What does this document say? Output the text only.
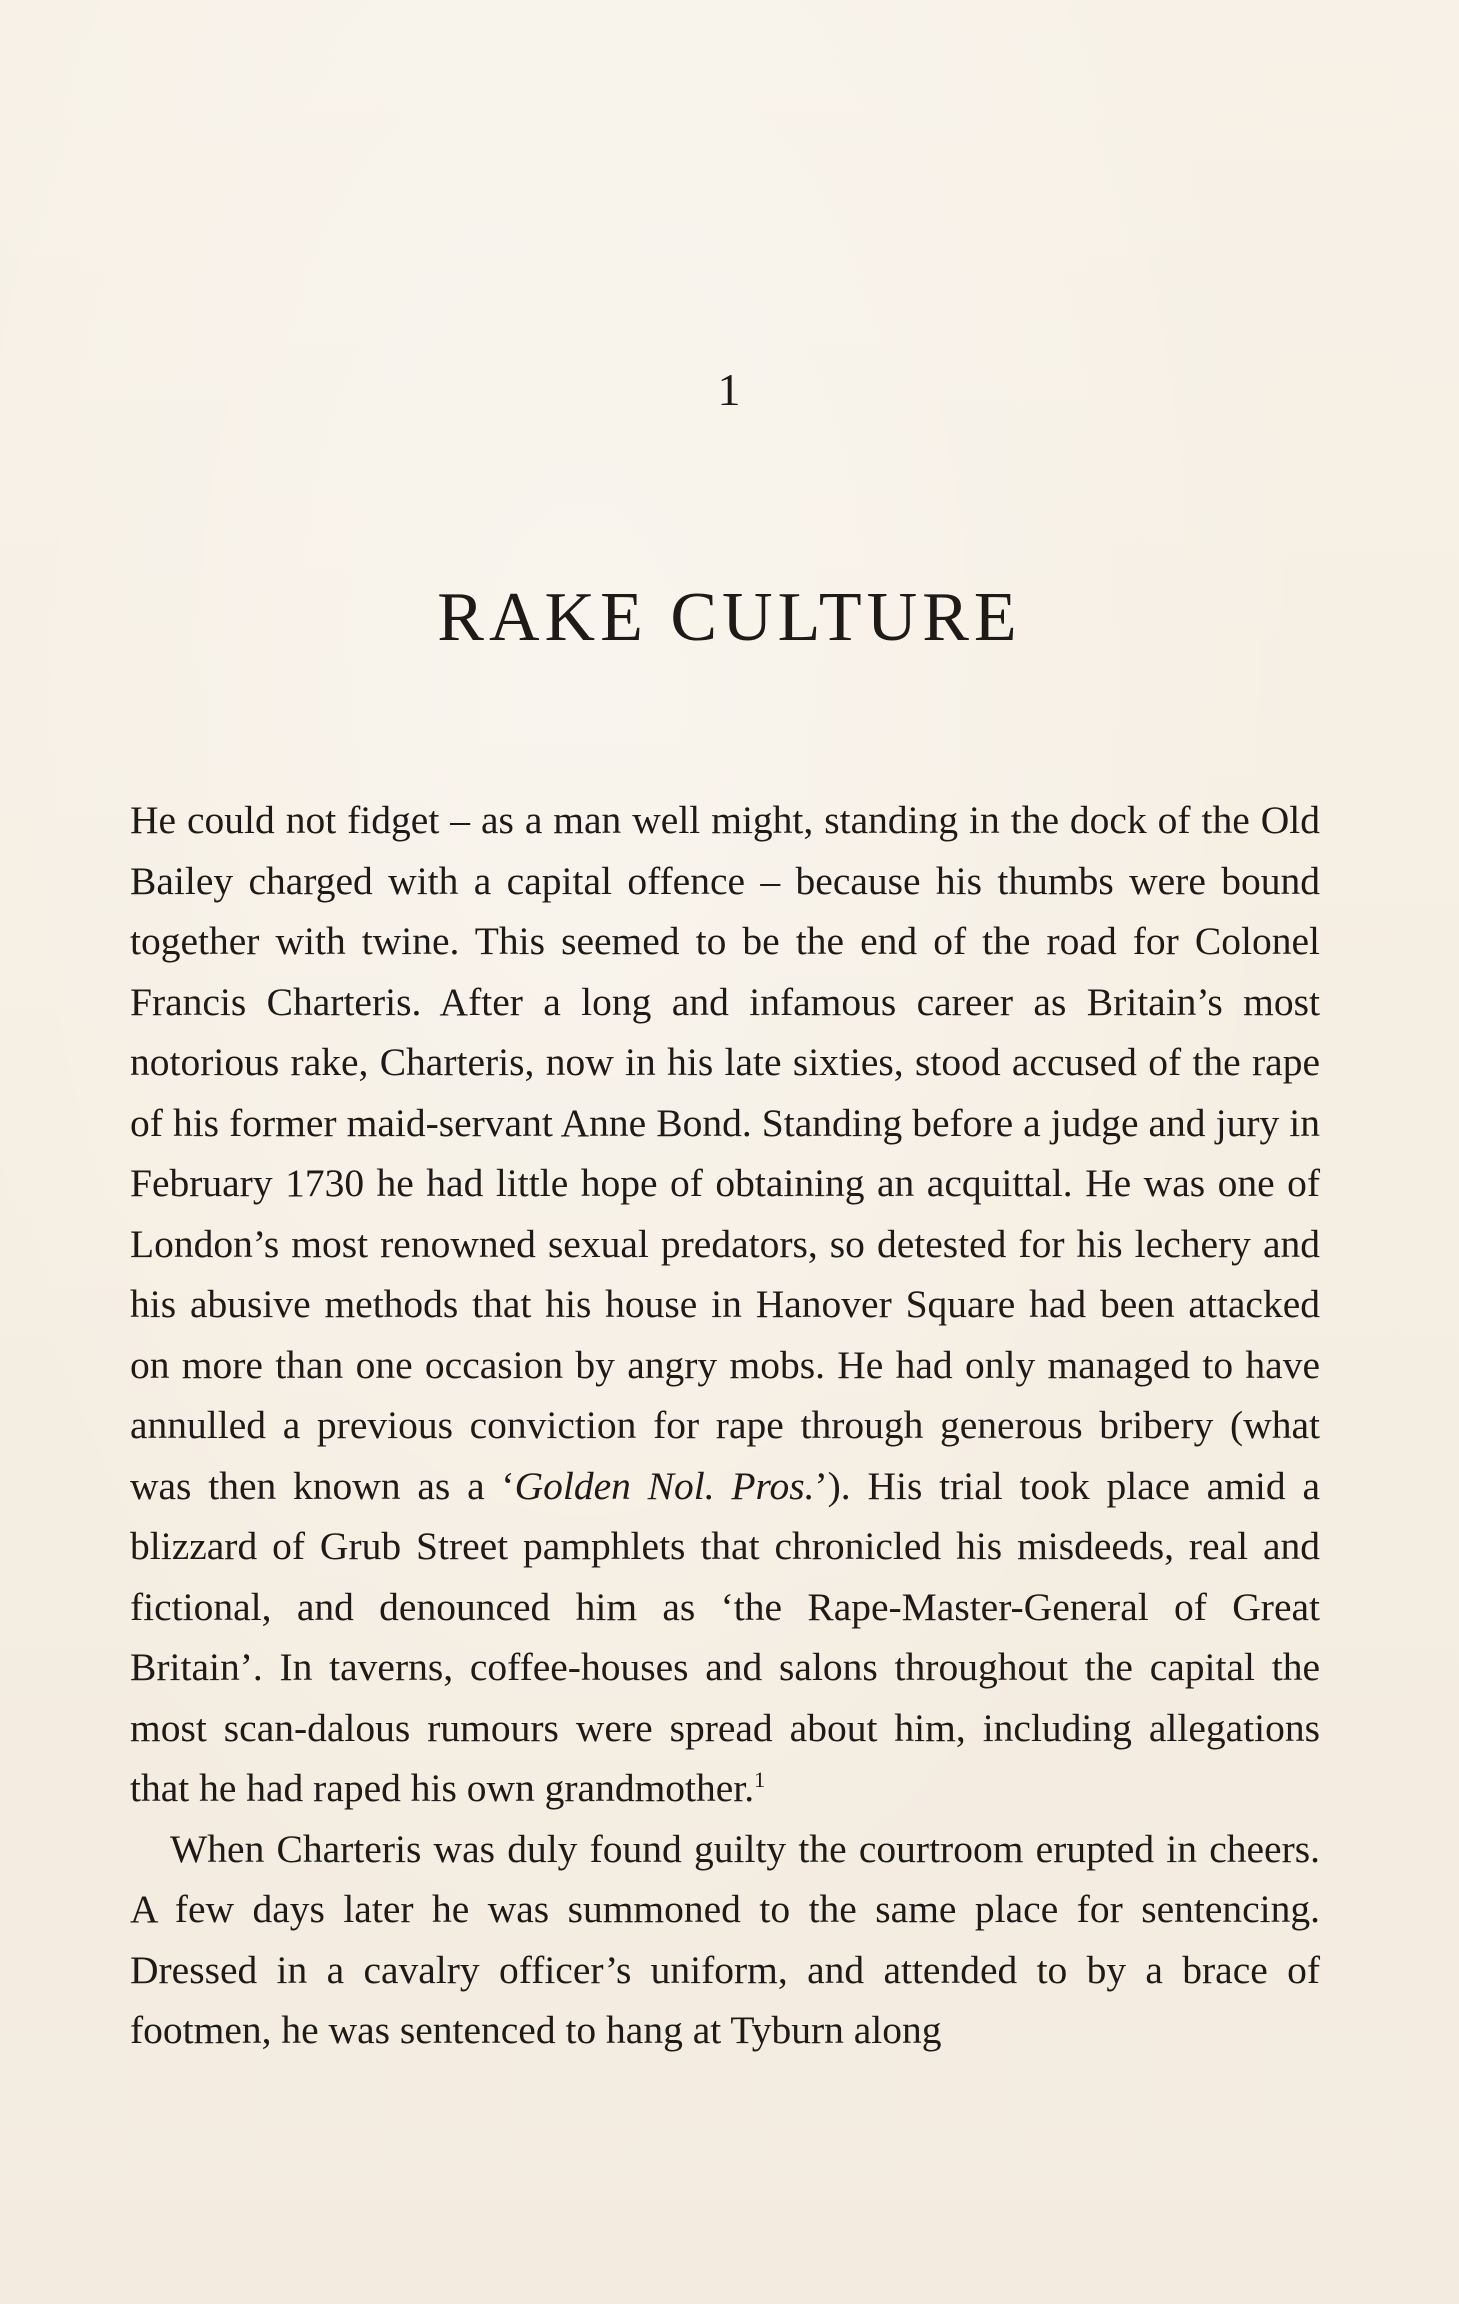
1
RAKE CULTURE

He could not fidget – as a man well might, standing in the dock of the Old Bailey charged with a capital offence – because his thumbs were bound together with twine. This seemed to be the end of the road for Colonel Francis Charteris. After a long and infamous career as Britain’s most notorious rake, Charteris, now in his late sixties, stood accused of the rape of his former maid-servant Anne Bond. Standing before a judge and jury in February 1730 he had little hope of obtaining an acquittal. He was one of London’s most renowned sexual predators, so detested for his lechery and his abusive methods that his house in Hanover Square had been attacked on more than one occasion by angry mobs. He had only managed to have annulled a previous conviction for rape through generous bribery (what was then known as a ‘Golden Nol. Pros.’). His trial took place amid a blizzard of Grub Street pamphlets that chronicled his misdeeds, real and fictional, and denounced him as ‘the Rape-Master-General of Great Britain’. In taverns, coffee-houses and salons throughout the capital the most scan-dalous rumours were spread about him, including allegations that he had raped his own grandmother.$^1$

When Charteris was duly found guilty the courtroom erupted in cheers. A few days later he was summoned to the same place for sentencing. Dressed in a cavalry officer’s uniform, and attended to by a brace of footmen, he was sentenced to hang at Tyburn along
